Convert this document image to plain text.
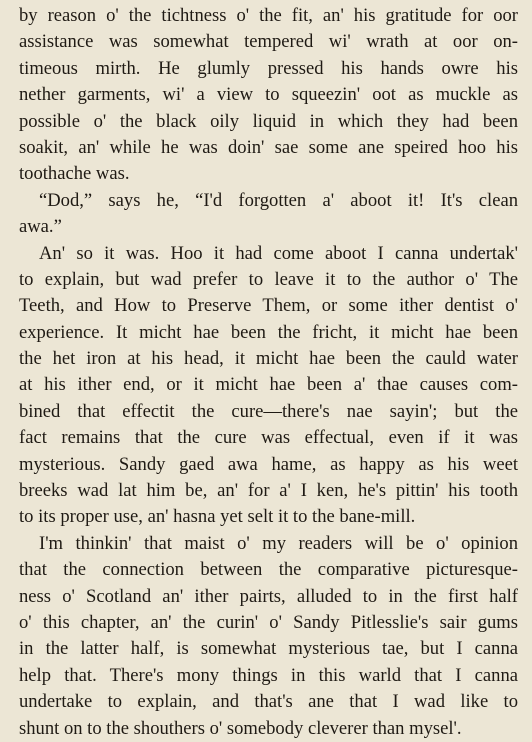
by reason o' the tichtness o' the fit, an' his gratitude for oor
assistance was somewhat tempered wi' wrath at oor on-
timeous mirth. He glumly pressed his hands owre his
nether garments, wi' a view to squeezin' oot as muckle as
possible o' the black oily liquid in which they had been
soakit, an' while he was doin' sae some ane speired hoo his
toothache was.
“Dod,” says he, “I'd forgotten a' aboot it! It's clean
awa.”
An' so it was. Hoo it had come aboot I canna undertak'
to explain, but wad prefer to leave it to the author o' The
Teeth, and How to Preserve Them, or some ither dentist o'
experience. It micht hae been the fricht, it micht hae been
the het iron at his head, it micht hae been the cauld water
at his ither end, or it micht hae been a' thae causes com-
bined that effectit the cure—there's nae sayin'; but the
fact remains that the cure was effectual, even if it was
mysterious. Sandy gaed awa hame, as happy as his weet
breeks wad lat him be, an' for a' I ken, he's pittin' his tooth
to its proper use, an' hasna yet selt it to the bane-mill.
I'm thinkin' that maist o' my readers will be o' opinion
that the connection between the comparative picturesque-
ness o' Scotland an' ither pairts, alluded to in the first half
o' this chapter, an' the curin' o' Sandy Pitlesslie's sair gums
in the latter half, is somewhat mysterious tae, but I canna
help that. There's mony things in this warld that I canna
undertake to explain, and that's ane that I wad like to
shunt on to the shouthers o' somebody cleverer than mysel'.
